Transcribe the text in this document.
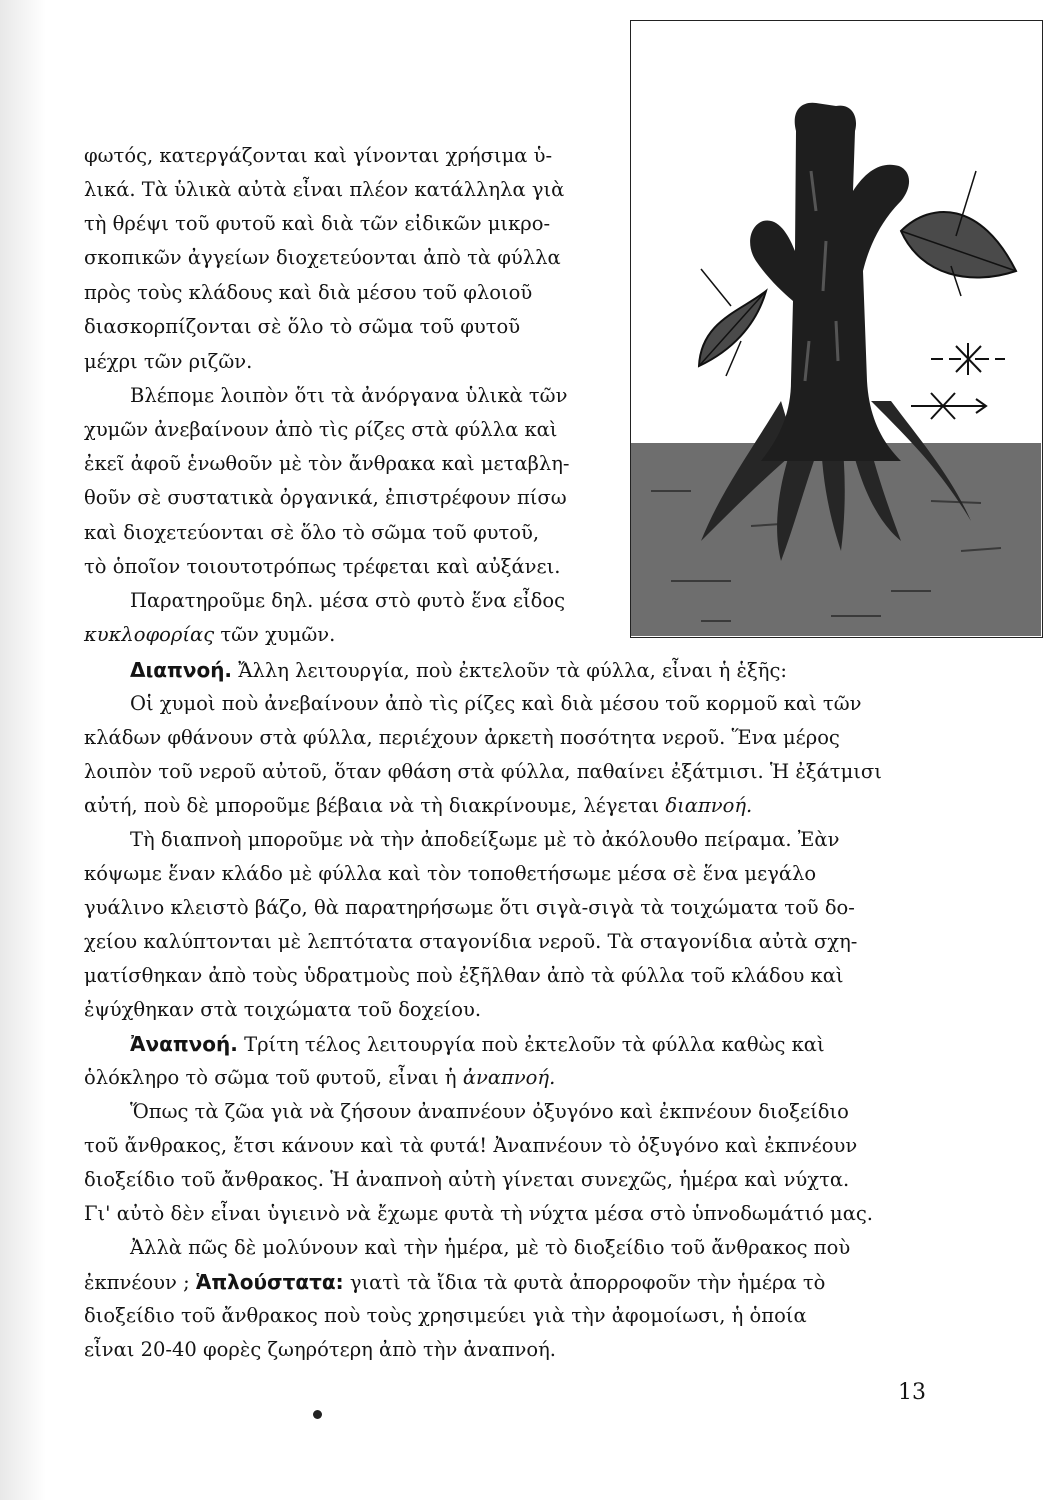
φωτός, κατεργάζονται καὶ γίνονται χρήσιμα ὑ-
λικά. Τὰ ὑλικὰ αὐτὰ εἶναι πλέον κατάλληλα γιὰ
τὴ θρέψι τοῦ φυτοῦ καὶ διὰ τῶν εἰδικῶν μικρο-
σκοπικῶν ἀγγείων διοχετεύονται ἀπὸ τὰ φύλλα
πρὸς τοὺς κλάδους καὶ διὰ μέσου τοῦ φλοιοῦ
διασκορπίζονται σὲ ὅλο τὸ σῶμα τοῦ φυτοῦ
μέχρι τῶν ριζῶν.
Βλέπομε λοιπὸν ὅτι τὰ ἀνόργανα ὑλικὰ τῶν
χυμῶν ἀνεβαίνουν ἀπὸ τὶς ρίζες στὰ φύλλα καὶ
ἐκεῖ ἀφοῦ ἑνωθοῦν μὲ τὸν ἄνθρακα καὶ μεταβλη-
θοῦν σὲ συστατικὰ ὀργανικά, ἐπιστρέφουν πίσω
καὶ διοχετεύονται σὲ ὅλο τὸ σῶμα τοῦ φυτοῦ,
τὸ ὁποῖον τοιουτοτρόπως τρέφεται καὶ αὐξάνει.
Παρατηροῦμε δηλ. μέσα στὸ φυτὸ ἕνα εἶδος
κυκλοφορίας τῶν χυμῶν.
Διαπνοή. Ἄλλη λειτουργία, ποὺ ἐκτελοῦν τὰ φύλλα, εἶναι ἡ ἑξῆς:
Οἱ χυμοὶ ποὺ ἀνεβαίνουν ἀπὸ τὶς ρίζες καὶ διὰ μέσου τοῦ κορμοῦ καὶ τῶν
κλάδων φθάνουν στὰ φύλλα, περιέχουν ἀρκετὴ ποσότητα νεροῦ. Ἕνα μέρος
λοιπὸν τοῦ νεροῦ αὐτοῦ, ὅταν φθάση στὰ φύλλα, παθαίνει ἐξάτμισι. Ἡ ἐξάτμισι
αὐτή, ποὺ δὲ μποροῦμε βέβαια νὰ τὴ διακρίνουμε, λέγεται διαπνοή.
Τὴ διαπνοὴ μποροῦμε νὰ τὴν ἀποδείξωμε μὲ τὸ ἀκόλουθο πείραμα. Ἐὰν
κόψωμε ἕναν κλάδο μὲ φύλλα καὶ τὸν τοποθετήσωμε μέσα σὲ ἕνα μεγάλο
γυάλινο κλειστὸ βάζο, θὰ παρατηρήσωμε ὅτι σιγὰ-σιγὰ τὰ τοιχώματα τοῦ δο-
χείου καλύπτονται μὲ λεπτότατα σταγονίδια νεροῦ. Τὰ σταγονίδια αὐτὰ σχη-
ματίσθηκαν ἀπὸ τοὺς ὑδρατμοὺς ποὺ ἐξῆλθαν ἀπὸ τὰ φύλλα τοῦ κλάδου καὶ
ἐψύχθηκαν στὰ τοιχώματα τοῦ δοχείου.
Ἀναπνοή. Τρίτη τέλος λειτουργία ποὺ ἐκτελοῦν τὰ φύλλα καθὼς καὶ
ὁλόκληρο τὸ σῶμα τοῦ φυτοῦ, εἶναι ἡ ἀναπνοή.
Ὅπως τὰ ζῶα γιὰ νὰ ζήσουν ἀναπνέουν ὀξυγόνο καὶ ἐκπνέουν διοξείδιο
τοῦ ἄνθρακος, ἔτσι κάνουν καὶ τὰ φυτά! Ἀναπνέουν τὸ ὀξυγόνο καὶ ἐκπνέουν
διοξείδιο τοῦ ἄνθρακος. Ἡ ἀναπνοὴ αὐτὴ γίνεται συνεχῶς, ἡμέρα καὶ νύχτα.
Γι' αὐτὸ δὲν εἶναι ὑγιεινὸ νὰ ἔχωμε φυτὰ τὴ νύχτα μέσα στὸ ὑπνοδωμάτιό μας.
Ἀλλὰ πῶς δὲ μολύνουν καὶ τὴν ἡμέρα, μὲ τὸ διοξείδιο τοῦ ἄνθρακος ποὺ
ἐκπνέουν ; Ἁπλούστατα: γιατὶ τὰ ἴδια τὰ φυτὰ ἀπορροφοῦν τὴν ἡμέρα τὸ
διοξείδιο τοῦ ἄνθρακος ποὺ τοὺς χρησιμεύει γιὰ τὴν ἀφομοίωσι, ἡ ὁποία
εἶναι 20-40 φορὲς ζωηρότερη ἀπὸ τὴν ἀναπνοή.
13
